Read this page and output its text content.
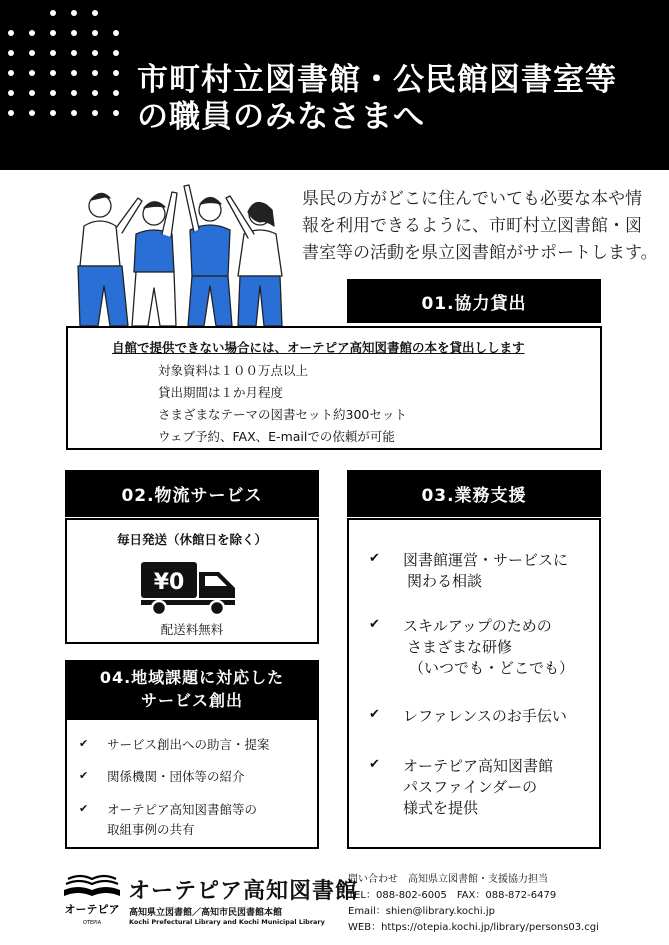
市町村立図書館・公民館図書室等
の職員のみなさまへ
県民の方がどこに住んでいても必要な本や情
報を利用できるように、市町村立図書館・図
書室等の活動を県立図書館がサポートします。
01.協力貸出
自館で提供できない場合には、オーテピア高知図書館の本を貸出しします
対象資料は１００万点以上
貸出期間は１か月程度
さまざまなテーマの図書セット約300セット
ウェブ予約、FAX、E-mailでの依頼が可能
02.物流サービス
毎日発送（休館日を除く）
¥0
配送料無料
03.業務支援
✔ 図書館運営・サービスに
関わる相談
✔ スキルアップのための
さまざまな研修
（いつでも・どこでも）
✔ レファレンスのお手伝い
✔ オーテピア高知図書館
パスファインダーの
様式を提供
04.地域課題に対応した
サービス創出
✔ サービス創出への助言・提案
✔ 関係機関・団体等の紹介
✔ オーテピア高知図書館等の
取組事例の共有
オーテピア
OTEPIA
オーテピア高知図書館
高知県立図書館／高知市民図書館本館
Kochi Prefectural Library and Kochi Municipal Library
問い合わせ　高知県立図書館・支援協力担当
TEL：088-802-6005　FAX：088-872-6479
Email：shien@library.kochi.jp
WEB：https://otepia.kochi.jp/library/persons03.cgi
